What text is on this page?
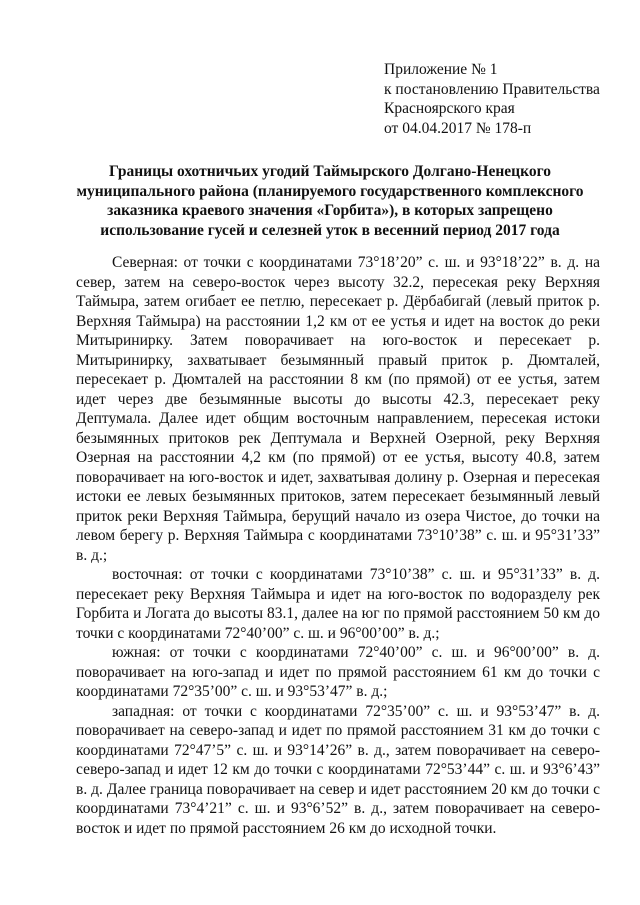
Приложение № 1
к постановлению Правительства
Красноярского края
от 04.04.2017 № 178-п
Границы охотничьих угодий Таймырского Долгано-Ненецкого
муниципального района (планируемого государственного комплексного
заказника краевого значения «Горбита»), в которых запрещено
использование гусей и селезней уток в весенний период 2017 года

Северная: от точки с координатами 73°18’20” с. ш. и 93°18’22” в. д. на север, затем на северо-восток через высоту 32.2, пересекая реку Верхняя Таймыра, затем огибает ее петлю, пересекает р. Дёрбабигай (левый приток р. Верхняя Таймыра) на расстоянии 1,2 км от ее устья и идет на восток до реки Митыринирку. Затем поворачивает на юго-восток и пересекает р. Митыринирку, захватывает безымянный правый приток р. Дюмталей, пересекает р. Дюмталей на расстоянии 8 км (по прямой) от ее устья, затем идет через две безымянные высоты до высоты 42.3, пересекает реку Дептумала. Далее идет общим восточным направлением, пересекая истоки безымянных притоков рек Дептумала и Верхней Озерной, реку Верхняя Озерная на расстоянии 4,2 км (по прямой) от ее устья, высоту 40.8, затем поворачивает на юго-восток и идет, захватывая долину р. Озерная и пересекая истоки ее левых безымянных притоков, затем пересекает безымянный левый приток реки Верхняя Таймыра, берущий начало из озера Чистое, до точки на левом берегу р. Верхняя Таймыра с координатами 73°10’38” с. ш. и 95°31’33” в. д.;

восточная: от точки с координатами 73°10’38” с. ш. и 95°31’33” в. д. пересекает реку Верхняя Таймыра и идет на юго-восток по водоразделу рек Горбита и Логата до высоты 83.1, далее на юг по прямой расстоянием 50 км до точки с координатами 72°40’00” с. ш. и 96°00’00” в. д.;

южная: от точки с координатами 72°40’00” с. ш. и 96°00’00” в. д. поворачивает на юго-запад и идет по прямой расстоянием 61 км до точки с координатами 72°35’00” с. ш. и 93°53’47” в. д.;

западная: от точки с координатами 72°35’00” с. ш. и 93°53’47” в. д. поворачивает на северо-запад и идет по прямой расстоянием 31 км до точки с координатами 72°47’5” с. ш. и 93°14’26” в. д., затем поворачивает на северо-северо-запад и идет 12 км до точки с координатами 72°53’44” с. ш. и 93°6’43” в. д. Далее граница поворачивает на север и идет расстоянием 20 км до точки с координатами 73°4’21” с. ш. и 93°6’52” в. д., затем поворачивает на северо-восток и идет по прямой расстоянием 26 км до исходной точки.
